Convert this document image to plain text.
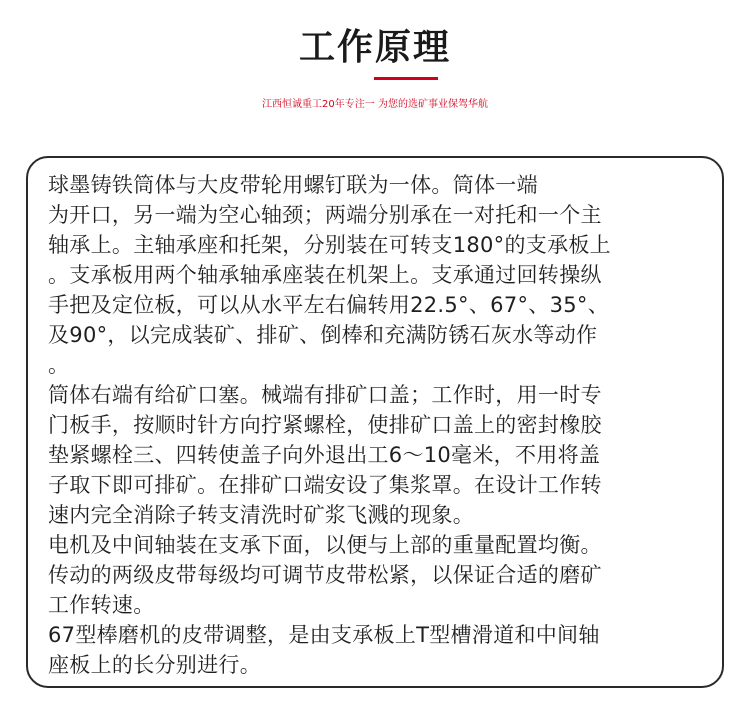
工作原理
江西恒诚重工20年专注一 为您的选矿事业保驾华航
球墨铸铁筒体与大皮带轮用螺钉联为一体。筒体一端
为开口，另一端为空心轴颈；两端分别承在一对托和一个主
轴承上。主轴承座和托架，分别装在可转支180°的支承板上
。支承板用两个轴承轴承座装在机架上。支承通过回转操纵
手把及定位板，可以从水平左右偏转用22.5°、67°、35°、
及90°，以完成装矿、排矿、倒棒和充满防锈石灰水等动作
。
筒体右端有给矿口塞。械端有排矿口盖；工作时，用一时专
门板手，按顺时针方向拧紧螺栓，使排矿口盖上的密封橡胶
垫紧螺栓三、四转使盖子向外退出工6～10毫米，不用将盖
子取下即可排矿。在排矿口端安设了集浆罩。在设计工作转
速内完全消除子转支清洗时矿浆飞溅的现象。
电机及中间轴装在支承下面，以便与上部的重量配置均衡。
传动的两级皮带每级均可调节皮带松紧，以保证合适的磨矿
工作转速。
67型棒磨机的皮带调整，是由支承板上T型槽滑道和中间轴
座板上的长分别进行。
